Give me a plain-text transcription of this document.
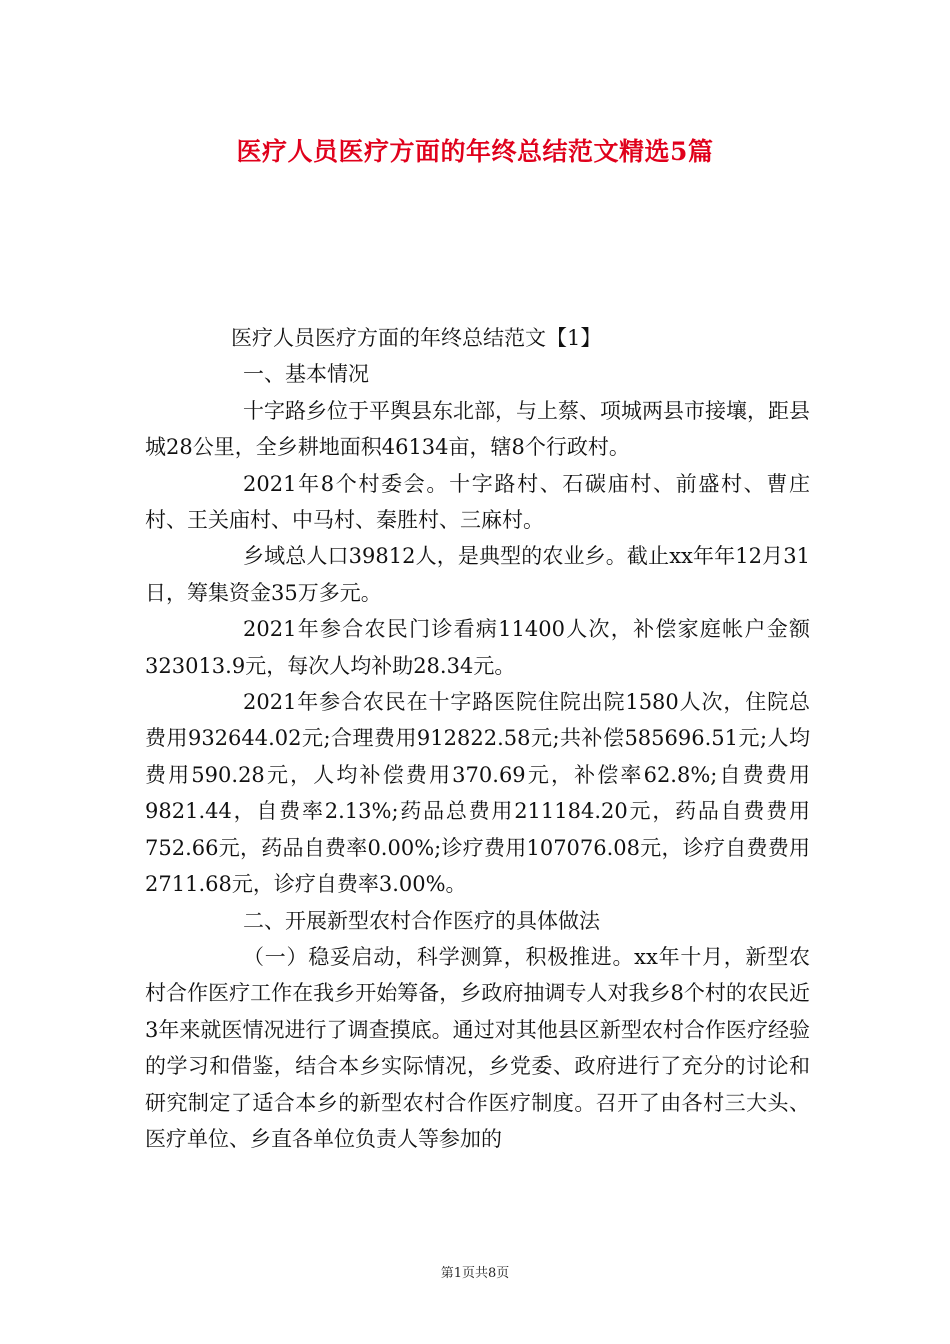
医疗人员医疗方面的年终总结范文精选5篇

医疗人员医疗方面的年终总结范文【1】

一、基本情况

十字路乡位于平舆县东北部，与上蔡、项城两县市接壤，距县城28公里，全乡耕地面积46134亩，辖8个行政村。

2021年8个村委会。十字路村、石碳庙村、前盛村、曹庄村、王关庙村、中马村、秦胜村、三麻村。

乡域总人口39812人，是典型的农业乡。截止xx年年12月31日，筹集资金35万多元。

2021年参合农民门诊看病11400人次，补偿家庭帐户金额323013.9元，每次人均补助28.34元。

2021年参合农民在十字路医院住院出院1580人次，住院总费用932644.02元;合理费用912822.58元;共补偿585696.51元;人均费用590.28元，人均补偿费用370.69元，补偿率62.8%;自费费用9821.44，自费率2.13%;药品总费用211184.20元，药品自费费用752.66元，药品自费率0.00%;诊疗费用107076.08元，诊疗自费费用2711.68元，诊疗自费率3.00%。

二、开展新型农村合作医疗的具体做法

（一）稳妥启动，科学测算，积极推进。xx年十月，新型农村合作医疗工作在我乡开始筹备，乡政府抽调专人对我乡8个村的农民近3年来就医情况进行了调查摸底。通过对其他县区新型农村合作医疗经验的学习和借鉴，结合本乡实际情况，乡党委、政府进行了充分的讨论和研究制定了适合本乡的新型农村合作医疗制度。召开了由各村三大头、医疗单位、乡直各单位负责人等参加的

第1页共8页
